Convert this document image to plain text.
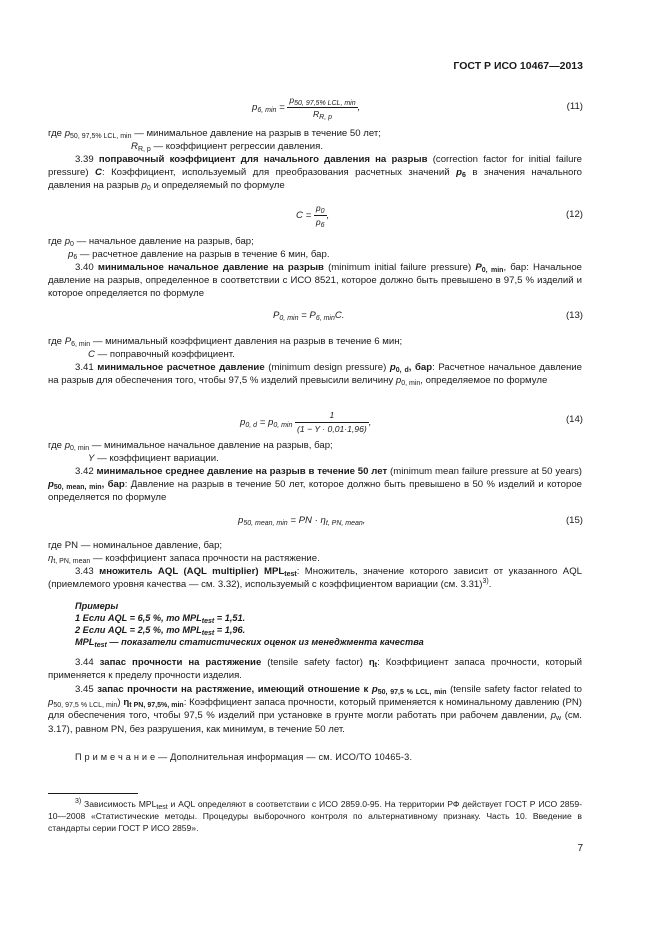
ГОСТ Р ИСО 10467—2013
$p_{6, min} = \frac{p_{50, 97,5\% LCL, min}}{R_{R, p}}$ ,	(11)
где $p_{50, 97,5\% LCL, min}$ — минимальное давление на разрыв в течение 50 лет;
$R_{R, p}$ — коэффициент регрессии давления.
3.39 поправочный коэффициент для начального давления на разрыв (correction factor for initial failure pressure) C: Коэффициент, используемый для преобразования расчетных значений $p_6$ в значения начального давления на разрыв $p_0$ и определяемый по формуле
$C = \frac{p_0}{p_6}$ ,	(12)
где $p_0$ — начальное давление на разрыв, бар;
$p_6$ — расчетное давление на разрыв в течение 6 мин, бар.
3.40 минимальное начальное давление на разрыв (minimum initial failure pressure) $P_{0, min}$, бар: Начальное давление на разрыв, определенное в соответствии с ИСО 8521, которое должно быть превышено в 97,5 % изделий и которое определяется по формуле
$P_{0, min} = P_{6, min}C$.	(13)
где $P_{6, min}$ — минимальный коэффициент давления на разрыв в течение 6 мин;
C — поправочный коэффициент.
3.41 минимальное расчетное давление (minimum design pressure) $p_{0, d}$, бар: Расчетное начальное давление на разрыв для обеспечения того, чтобы 97,5 % изделий превысили величину $p_{0, min}$, определяемое по формуле
$p_{0, d} = p_{0, min} \frac{1}{(1 - Y \cdot 0,01\cdot 1,96)}$ ,	(14)
где $p_{0, min}$ — минимальное начальное давление на разрыв, бар;
Y — коэффициент вариации.
3.42 минимальное среднее давление на разрыв в течение 50 лет (minimum mean failure pressure at 50 years) $p_{50, mean, min}$, бар: Давление на разрыв в течение 50 лет, которое должно быть превышено в 50 % изделий и которое определяется по формуле
$p_{50, mean, min}$ = PN · $\eta_{t, PN, mean}$,	(15)
где PN — номинальное давление, бар;
$\eta_{t, PN, mean}$ — коэффициент запаса прочности на растяжение.
3.43 множитель AQL (AQL multiplier) $MPL_{test}$: Множитель, значение которого зависит от указанного AQL (приемлемого уровня качества — см. 3.32), используемый с коэффициентом вариации (см. 3.31)$^{3)}$.
Примеры
1 Если AQL = 6,5 %, то $MPL_{test} = 1,51$.
2 Если AQL = 2,5 %, то $MPL_{test} = 1,96$.
$MPL_{test}$ — показатели статистических оценок из менеджмента качества
3.44 запас прочности на растяжение (tensile safety factor) $\eta_t$: Коэффициент запаса прочности, который применяется к пределу прочности изделия.
3.45 запас прочности на растяжение, имеющий отношение к $p_{50, 97,5 \% LCL, min}$ (tensile safety factor related to $p_{50, 97,5 \% LCL, min}$) $\eta_{t PN, 97,5\%, min}$: Коэффициент запаса прочности, который применяется к номинальному давлению (PN) для обеспечения того, чтобы 97,5 % изделий при установке в грунте могли работать при рабочем давлении, $p_w$ (см. 3.17), равном PN, без разрушения, как минимум, в течение 50 лет.
П р и м е ч а н и е — Дополнительная информация — см. ИСО/ТО 10465-3.
$^{3)}$ Зависимость $MPL_{test}$ и AQL определяют в соответствии с ИСО 2859.0-95. На территории РФ действует ГОСТ Р ИСО 2859-10—2008 «Статистические методы. Процедуры выборочного контроля по альтернативному признаку. Часть 10. Введение в стандарты серии ГОСТ Р ИСО 2859».
7
